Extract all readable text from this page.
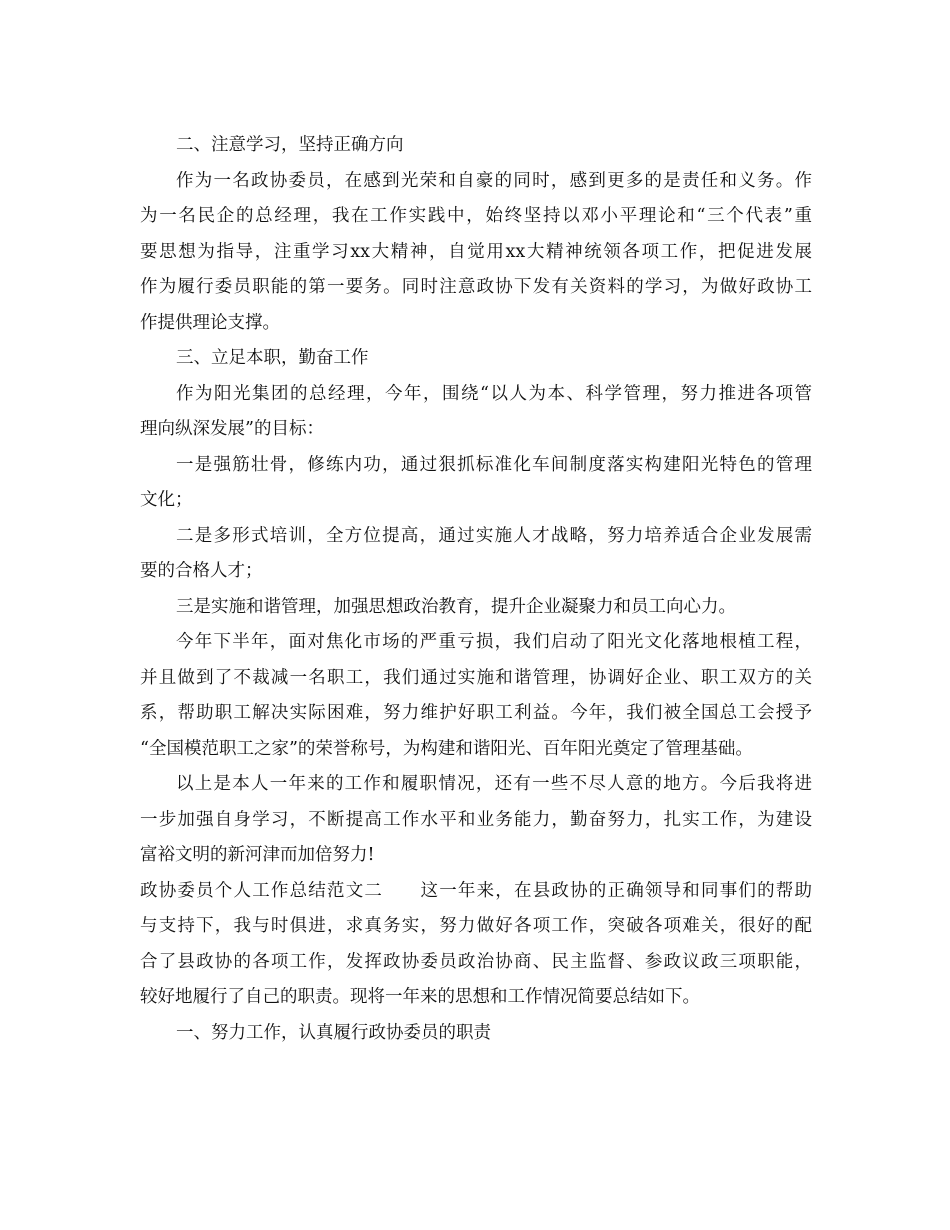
二、注意学习，坚持正确方向
作为一名政协委员，在感到光荣和自豪的同时，感到更多的是责任和义务。作
为一名民企的总经理，我在工作实践中，始终坚持以邓小平理论和“三个代表”重
要思想为指导，注重学习xx大精神，自觉用xx大精神统领各项工作，把促进发展
作为履行委员职能的第一要务。同时注意政协下发有关资料的学习，为做好政协工
作提供理论支撑。
三、立足本职，勤奋工作
作为阳光集团的总经理，今年，围绕“以人为本、科学管理，努力推进各项管
理向纵深发展”的目标：
一是强筋壮骨，修练内功，通过狠抓标准化车间制度落实构建阳光特色的管理
文化；
二是多形式培训，全方位提高，通过实施人才战略，努力培养适合企业发展需
要的合格人才；
三是实施和谐管理，加强思想政治教育，提升企业凝聚力和员工向心力。
今年下半年，面对焦化市场的严重亏损，我们启动了阳光文化落地根植工程，
并且做到了不裁减一名职工，我们通过实施和谐管理，协调好企业、职工双方的关
系，帮助职工解决实际困难，努力维护好职工利益。今年，我们被全国总工会授予
“全国模范职工之家”的荣誉称号，为构建和谐阳光、百年阳光奠定了管理基础。
以上是本人一年来的工作和履职情况，还有一些不尽人意的地方。今后我将进
一步加强自身学习，不断提高工作水平和业务能力，勤奋努力，扎实工作，为建设
富裕文明的新河津而加倍努力!
政协委员个人工作总结范文二　　这一年来，在县政协的正确领导和同事们的帮助
与支持下，我与时俱进，求真务实，努力做好各项工作，突破各项难关，很好的配
合了县政协的各项工作，发挥政协委员政治协商、民主监督、参政议政三项职能，
较好地履行了自己的职责。现将一年来的思想和工作情况简要总结如下。
一、努力工作，认真履行政协委员的职责
